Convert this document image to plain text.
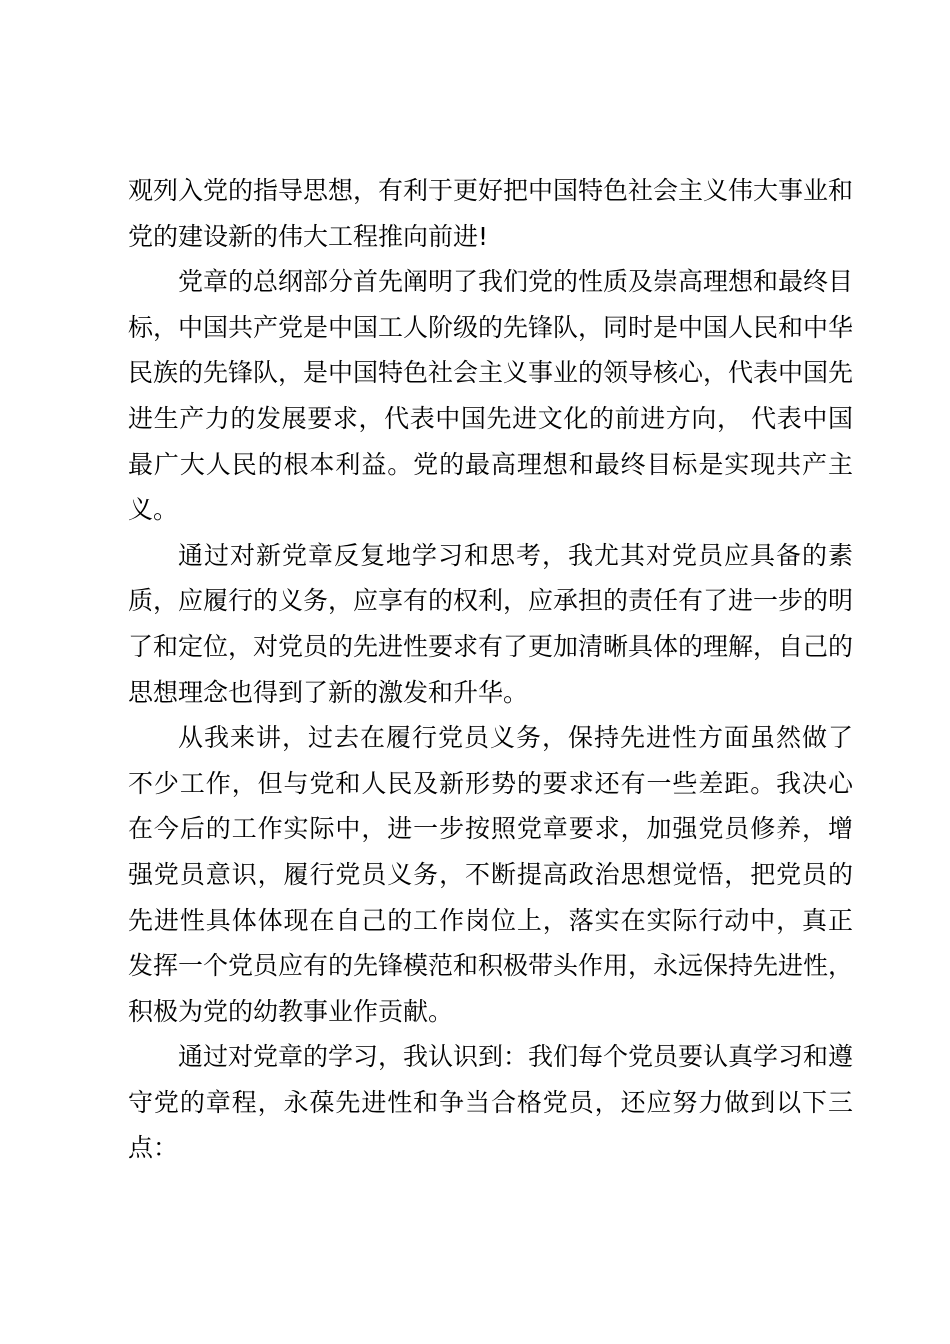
观列入党的指导思想，有利于更好把中国特色社会主义伟大事业和党的建设新的伟大工程推向前进!

党章的总纲部分首先阐明了我们党的性质及崇高理想和最终目标，中国共产党是中国工人阶级的先锋队，同时是中国人民和中华民族的先锋队，是中国特色社会主义事业的领导核心，代表中国先进生产力的发展要求，代表中国先进文化的前进方向， 代表中国最广大人民的根本利益。党的最高理想和最终目标是实现共产主义。

通过对新党章反复地学习和思考，我尤其对党员应具备的素质，应履行的义务，应享有的权利，应承担的责任有了进一步的明了和定位，对党员的先进性要求有了更加清晰具体的理解，自己的思想理念也得到了新的激发和升华。

从我来讲，过去在履行党员义务，保持先进性方面虽然做了 不少工作，但与党和人民及新形势的要求还有一些差距。我决心 在今后的工作实际中，进一步按照党章要求，加强党员修养，增 强党员意识，履行党员义务，不断提高政治思想觉悟，把党员的 先进性具体体现在自己的工作岗位上，落实在实际行动中，真正 发挥一个党员应有的先锋模范和积极带头作用，永远保持先进性， 积极为党的幼教事业作贡献。

通过对党章的学习，我认识到：我们每个党员要认真学习和遵守党的章程，永葆先进性和争当合格党员，还应努力做到以下三点：
